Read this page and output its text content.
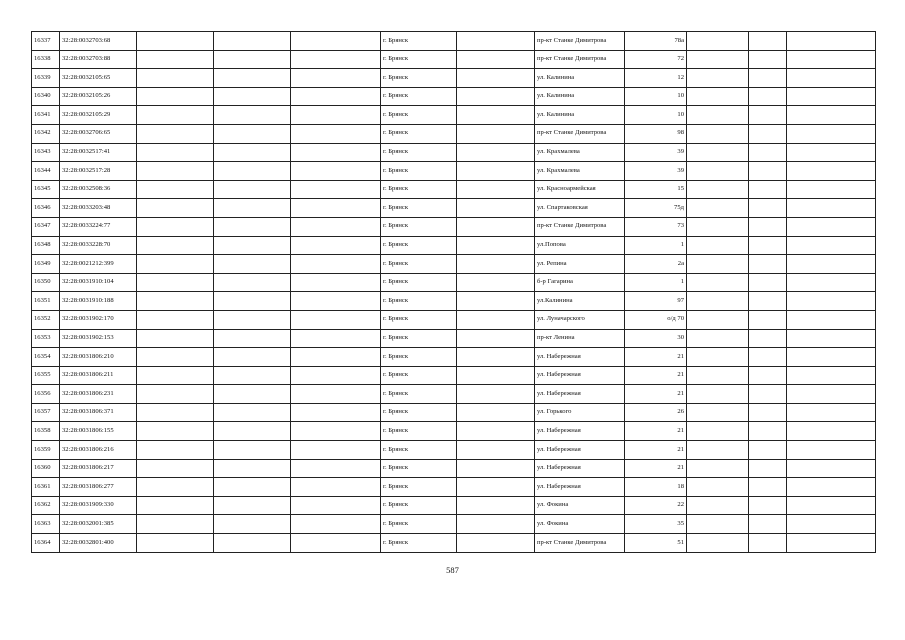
16337	32:28:0032703:68				г. Брянск		пр-кт Станке Димитрова	78а			
16338	32:28:0032703:88				г. Брянск		пр-кт Станке Димитрова	72			
16339	32:28:0032105:65				г. Брянск		ул. Калинина	12			
16340	32:28:0032105:26				г. Брянск		ул. Калинина	10			
16341	32:28:0032105:29				г. Брянск		ул. Калинина	10			
16342	32:28:0032706:65				г. Брянск		пр-кт Станке Димитрова	98			
16343	32:28:0032517:41				г. Брянск		ул. Крахмалева	39			
16344	32:28:0032517:28				г. Брянск		ул. Крахмалева	39			
16345	32:28:0032508:36				г. Брянск		ул. Красноармейская	15			
16346	32:28:0033203:48				г. Брянск		ул. Спартаковская	75д			
16347	32:28:0033224:77				г. Брянск		пр-кт Станке Димитрова	73			
16348	32:28:0033228:70				г. Брянск		ул.Попова	1			
16349	32:28:0021212:399				г. Брянск		ул. Репина	2а			
16350	32:28:0031910:104				г. Брянск		б-р Гагарина	1			
16351	32:28:0031910:188				г. Брянск		ул.Калинина	97			
16352	32:28:0031902:170				г. Брянск		ул. Луначарского	о/д 70			
16353	32:28:0031902:153				г. Брянск		пр-кт Ленина	30			
16354	32:28:0031806:210				г. Брянск		ул. Набережная	21			
16355	32:28:0031806:211				г. Брянск		ул. Набережная	21			
16356	32:28:0031806:231				г. Брянск		ул. Набережная	21			
16357	32:28:0031806:371				г. Брянск		ул. Горького	26			
16358	32:28:0031806:155				г. Брянск		ул. Набережная	21			
16359	32:28:0031806:216				г. Брянск		ул. Набережная	21			
16360	32:28:0031806:217				г. Брянск		ул. Набережная	21			
16361	32:28:0031806:277				г. Брянск		ул. Набережная	18			
16362	32:28:0031909:330				г. Брянск		ул. Фокина	22			
16363	32:28:0032001:385				г. Брянск		ул. Фокина	35			
16364	32:28:0032801:400				г. Брянск		пр-кт Станке Димитрова	51			
587
